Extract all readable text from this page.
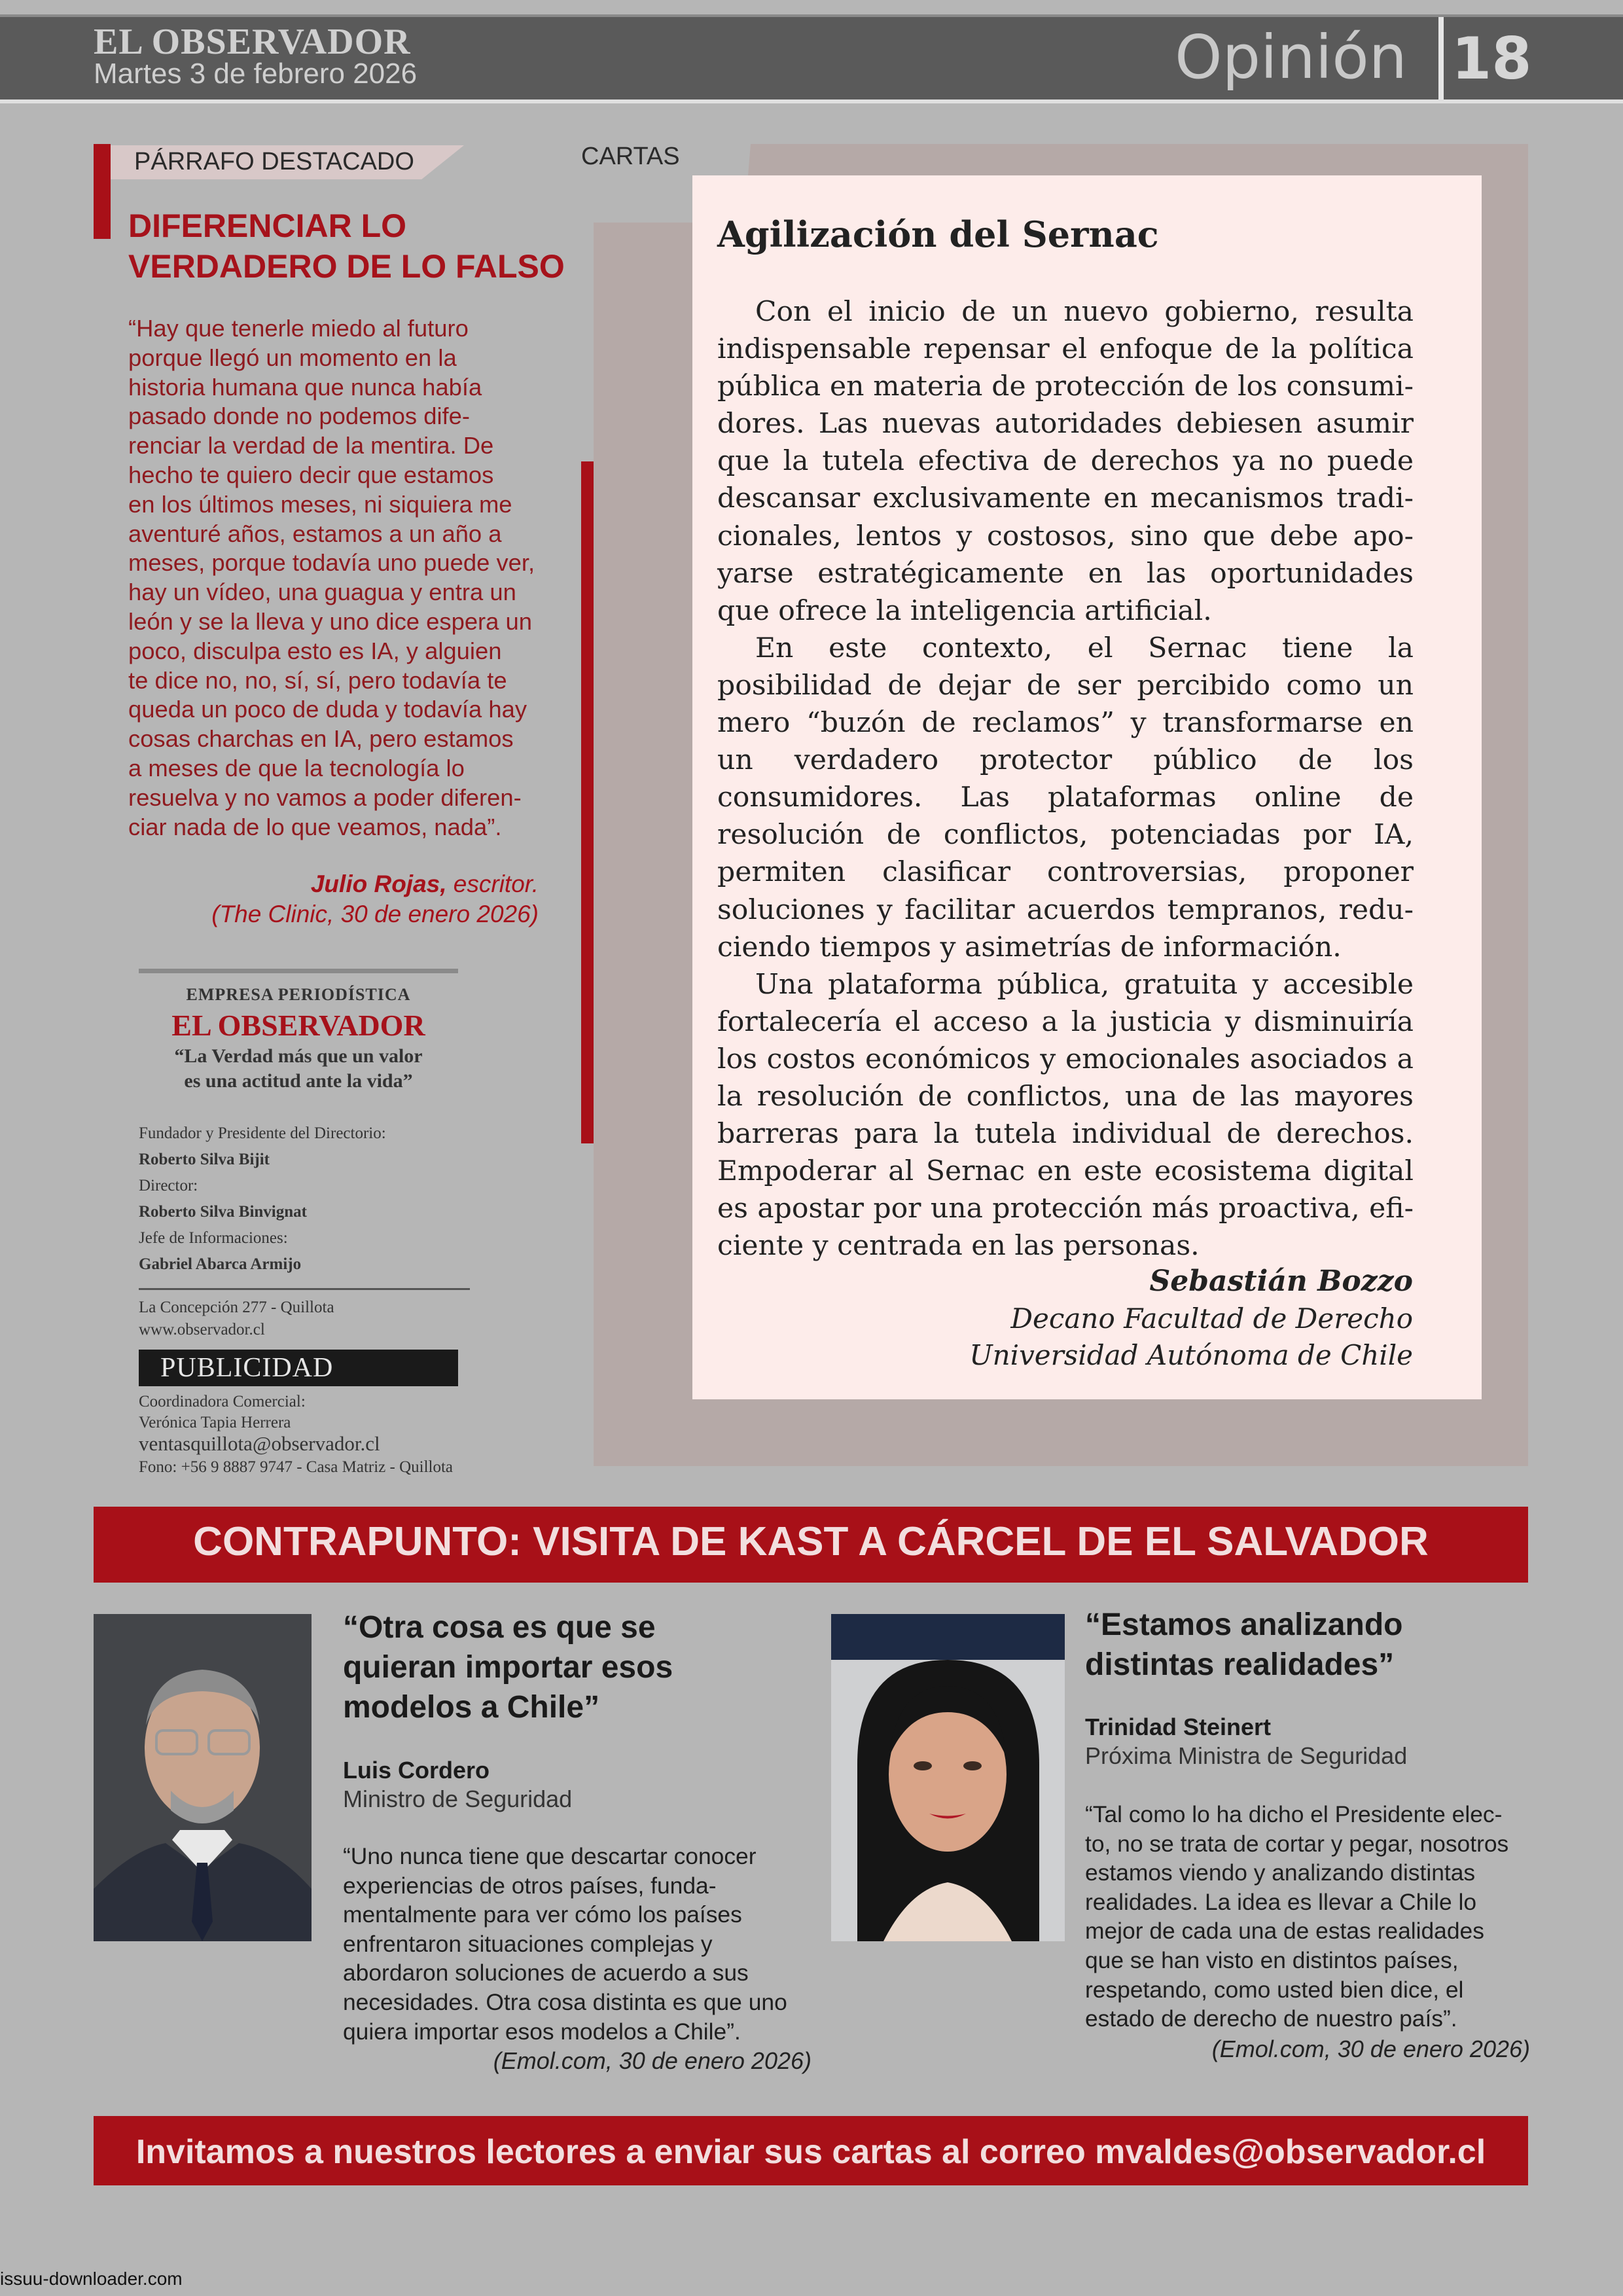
EL OBSERVADOR
Martes 3 de febrero 2026	Opinión 18
PÁRRAFO DESTACADO
DIFERENCIAR LO
VERDADERO DE LO FALSO
“Hay que tenerle miedo al futuro
porque llegó un momento en la
historia humana que nunca había
pasado donde no podemos dife-
renciar la verdad de la mentira. De
hecho te quiero decir que estamos
en los últimos meses, ni siquiera me
aventuré años, estamos a un año a
meses, porque todavía uno puede ver,
hay un vídeo, una guagua y entra un
león y se la lleva y uno dice espera un
poco, disculpa esto es IA, y alguien
te dice no, no, sí, sí, pero todavía te
queda un poco de duda y todavía hay
cosas charchas en IA, pero estamos
a meses de que la tecnología lo
resuelva y no vamos a poder diferen-
ciar nada de lo que veamos, nada”.
Julio Rojas, escritor.
(The Clinic, 30 de enero 2026)
EMPRESA PERIODÍSTICA
EL OBSERVADOR
“La Verdad más que un valor
es una actitud ante la vida”
Fundador y Presidente del Directorio:
Roberto Silva Bijit
Director:
Roberto Silva Binvignat
Jefe de Informaciones:
Gabriel Abarca Armijo
La Concepción 277 - Quillota
www.observador.cl
PUBLICIDAD
Coordinadora Comercial:
Verónica Tapia Herrera
ventasquillota@observador.cl
Fono: +56 9 8887 9747 - Casa Matriz - Quillota
CARTAS
Agilización del Sernac

Con el inicio de un nuevo gobierno, resulta indispensable repensar el enfoque de la política pública en materia de protección de los consumidores. Las nuevas autoridades debiesen asumir que la tutela efectiva de derechos ya no puede descansar exclusivamente en mecanismos tradicionales, lentos y costosos, sino que debe apoyarse estratégicamente en las oportunidades que ofrece la inteligencia artificial.

En este contexto, el Sernac tiene la posibilidad de dejar de ser percibido como un mero “buzón de reclamos” y transformarse en un verdadero protector público de los consumidores. Las plataformas online de resolución de conflictos, potenciadas por IA, permiten clasificar controversias, proponer soluciones y facilitar acuerdos tempranos, reduciendo tiempos y asimetrías de información.

Una plataforma pública, gratuita y accesible fortalecería el acceso a la justicia y disminuiría los costos económicos y emocionales asociados a la resolución de conflictos, una de las mayores barreras para la tutela individual de derechos. Empoderar al Sernac en este ecosistema digital es apostar por una protección más proactiva, eficiente y centrada en las personas.

Sebastián Bozzo
Decano Facultad de Derecho
Universidad Autónoma de Chile
CONTRAPUNTO: VISITA DE KAST A CÁRCEL DE EL SALVADOR
“Otra cosa es que se
quieran importar esos
modelos a Chile”
Luis Cordero
Ministro de Seguridad
“Uno nunca tiene que descartar conocer
experiencias de otros países, funda-
mentalmente para ver cómo los países
enfrentaron situaciones complejas y
abordaron soluciones de acuerdo a sus
necesidades. Otra cosa distinta es que uno
quiera importar esos modelos a Chile”.
(Emol.com, 30 de enero 2026)
“Estamos analizando
distintas realidades”
Trinidad Steinert
Próxima Ministra de Seguridad
“Tal como lo ha dicho el Presidente elec-
to, no se trata de cortar y pegar, nosotros
estamos viendo y analizando distintas
realidades. La idea es llevar a Chile lo
mejor de cada una de estas realidades
que se han visto en distintos países,
respetando, como usted bien dice, el
estado de derecho de nuestro país”.
(Emol.com, 30 de enero 2026)
Invitamos a nuestros lectores a enviar sus cartas al correo mvaldes@observador.cl
issuu-downloader.com
